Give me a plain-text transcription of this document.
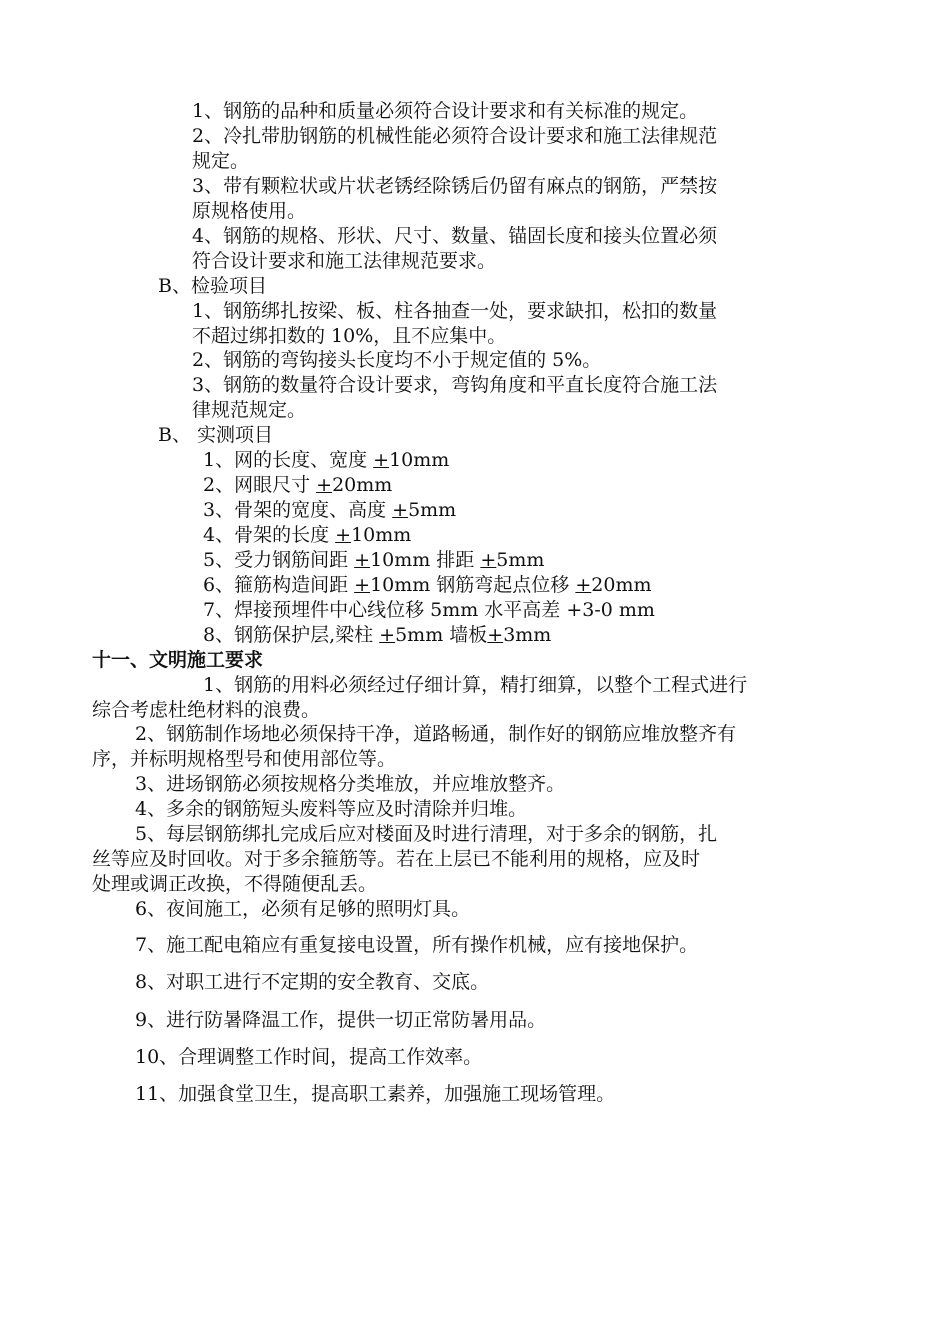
1、钢筋的品种和质量必须符合设计要求和有关标准的规定。
2、冷扎带肋钢筋的机械性能必须符合设计要求和施工法律规范
规定。
3、带有颗粒状或片状老锈经除锈后仍留有麻点的钢筋，严禁按
原规格使用。
4、钢筋的规格、形状、尺寸、数量、锚固长度和接头位置必须
符合设计要求和施工法律规范要求。
B、检验项目
1、钢筋绑扎按梁、板、柱各抽查一处，要求缺扣，松扣的数量
不超过绑扣数的 10%，且不应集中。
2、钢筋的弯钩接头长度均不小于规定值的 5%。
3、钢筋的数量符合设计要求，弯钩角度和平直长度符合施工法
律规范规定。
B、 实测项目
1、网的长度、宽度 +10mm
2、网眼尺寸 +20mm
3、骨架的宽度、高度 +5mm
4、骨架的长度 +10mm
5、受力钢筋间距 +10mm 排距 +5mm
6、箍筋构造间距 +10mm 钢筋弯起点位移 +20mm
7、焊接预埋件中心线位移 5mm 水平高差 +3-0 mm
8、钢筋保护层,梁柱 +5mm 墙板+3mm
十一、文明施工要求
1、钢筋的用料必须经过仔细计算，精打细算，以整个工程式进行
综合考虑杜绝材料的浪费。
2、钢筋制作场地必须保持干净，道路畅通，制作好的钢筋应堆放整齐有
序，并标明规格型号和使用部位等。
3、进场钢筋必须按规格分类堆放，并应堆放整齐。
4、多余的钢筋短头废料等应及时清除并归堆。
5、每层钢筋绑扎完成后应对楼面及时进行清理，对于多余的钢筋，扎
丝等应及时回收。对于多余箍筋等。若在上层已不能利用的规格，应及时
处理或调正改换，不得随便乱丢。
6、夜间施工，必须有足够的照明灯具。
7、施工配电箱应有重复接电设置，所有操作机械，应有接地保护。
8、对职工进行不定期的安全教育、交底。
9、进行防暑降温工作，提供一切正常防暑用品。
10、合理调整工作时间，提高工作效率。
11、加强食堂卫生，提高职工素养，加强施工现场管理。
